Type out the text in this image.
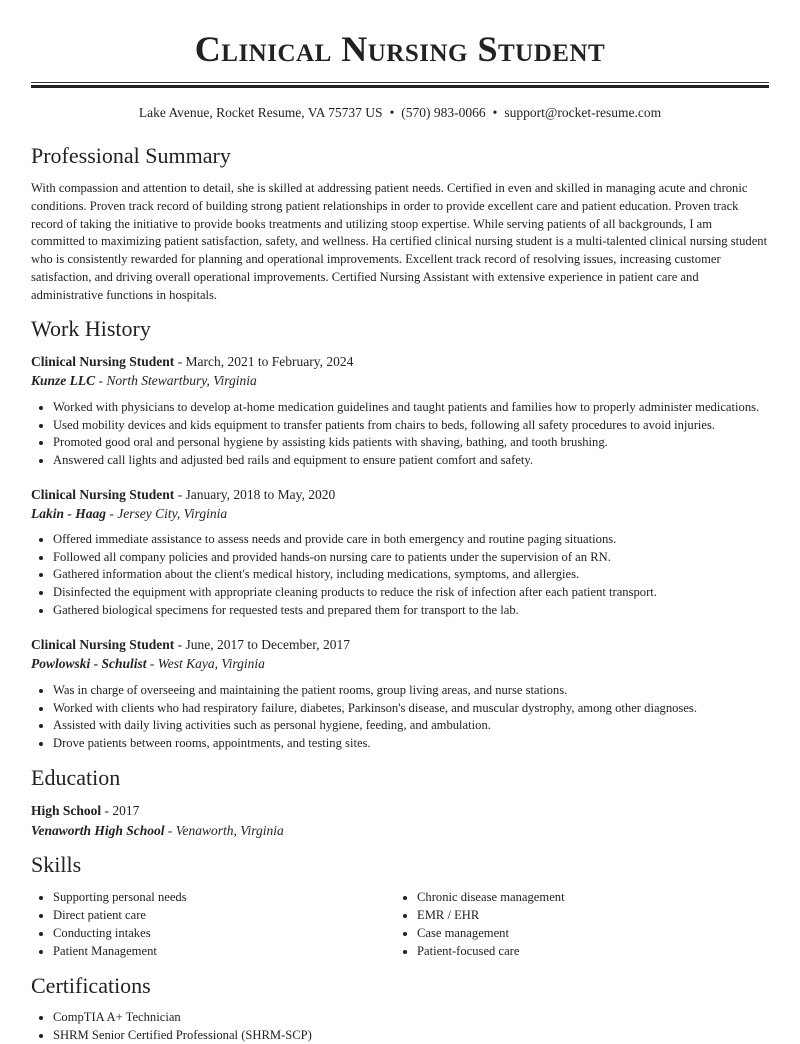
Clinical Nursing Student
Lake Avenue, Rocket Resume, VA 75737 US • (570) 983-0066 • support@rocket-resume.com
Professional Summary

With compassion and attention to detail, she is skilled at addressing patient needs. Certified in even and skilled in managing acute and chronic conditions. Proven track record of building strong patient relationships in order to provide excellent care and patient education. Proven track record of taking the initiative to provide books treatments and utilizing stoop expertise. While serving patients of all backgrounds, I am committed to maximizing patient satisfaction, safety, and wellness. Ha certified clinical nursing student is a multi-talented clinical nursing student who is consistently rewarded for planning and operational improvements. Excellent track record of resolving issues, increasing customer satisfaction, and driving overall operational improvements. Certified Nursing Assistant with extensive experience in patient care and administrative functions in hospitals.

Work History
Clinical Nursing Student - March, 2021 to February, 2024
Kunze LLC - North Stewartbury, Virginia
• Worked with physicians to develop at-home medication guidelines and taught patients and families how to properly administer medications.
• Used mobility devices and kids equipment to transfer patients from chairs to beds, following all safety procedures to avoid injuries.
• Promoted good oral and personal hygiene by assisting kids patients with shaving, bathing, and tooth brushing.
• Answered call lights and adjusted bed rails and equipment to ensure patient comfort and safety.
Clinical Nursing Student - January, 2018 to May, 2020
Lakin - Haag - Jersey City, Virginia
• Offered immediate assistance to assess needs and provide care in both emergency and routine paging situations.
• Followed all company policies and provided hands-on nursing care to patients under the supervision of an RN.
• Gathered information about the client's medical history, including medications, symptoms, and allergies.
• Disinfected the equipment with appropriate cleaning products to reduce the risk of infection after each patient transport.
• Gathered biological specimens for requested tests and prepared them for transport to the lab.
Clinical Nursing Student - June, 2017 to December, 2017
Powlowski - Schulist - West Kaya, Virginia
• Was in charge of overseeing and maintaining the patient rooms, group living areas, and nurse stations.
• Worked with clients who had respiratory failure, diabetes, Parkinson's disease, and muscular dystrophy, among other diagnoses.
• Assisted with daily living activities such as personal hygiene, feeding, and ambulation.
• Drove patients between rooms, appointments, and testing sites.
Education
High School - 2017
Venaworth High School - Venaworth, Virginia
Skills
• Supporting personal needs
• Direct patient care
• Conducting intakes
• Patient Management
• Chronic disease management
• EMR / EHR
• Case management
• Patient-focused care
Certifications
• CompTIA A+ Technician
• SHRM Senior Certified Professional (SHRM-SCP)
